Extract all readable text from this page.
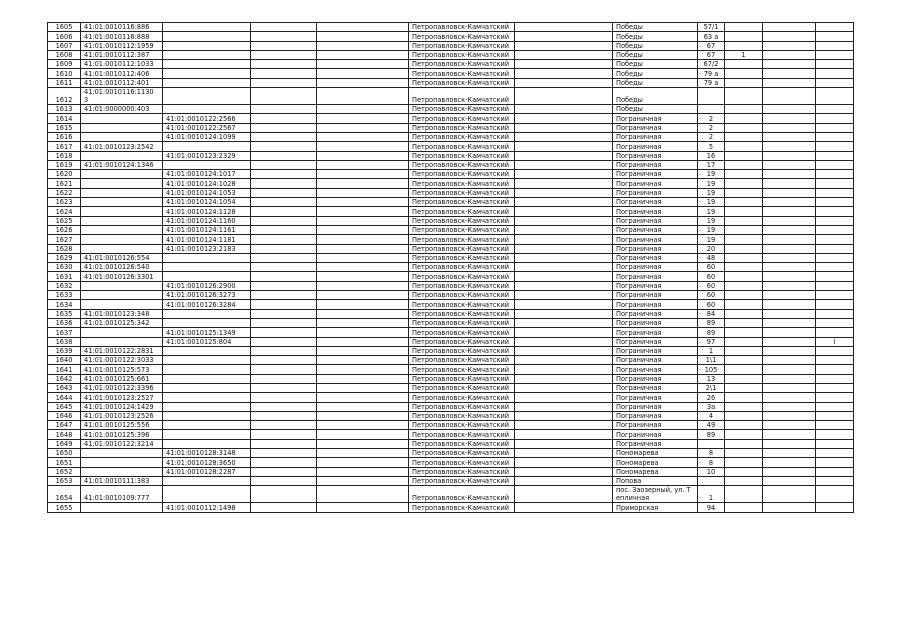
1605	41:01:0010116:886				Петропавловск-Камчатский		Победы	57/1			
1606	41:01:0010116:888				Петропавловск-Камчатский		Победы	63 а			
1607	41:01:0010112:1959				Петропавловск-Камчатский		Победы	67			
1608	41:01:0010112:387				Петропавловск-Камчатский		Победы	67	1		
1609	41:01:0010112:1033				Петропавловск-Камчатский		Победы	67/2			
1610	41:01:0010112:406				Петропавловск-Камчатский		Победы	79 а			
1611	41:01:0010112:401				Петропавловск-Камчатский		Победы	79 а			
1612	41:01:0010116:1130 3				Петропавловск-Камчатский		Победы				
1613	41:01:0000000:403				Петропавловск-Камчатский		Победы				
1614		41:01:0010122:2566			Петропавловск-Камчатский		Пограничная	2			
1615		41:01:0010122:2567			Петропавловск-Камчатский		Пограничная	2			
1616		41:01:0010124:1099			Петропавловск-Камчатский		Пограничная	2			
1617	41:01:0010123:2542				Петропавловск-Камчатский		Пограничная	5			
1618		41:01:0010123:2329			Петропавловск-Камчатский		Пограничная	16			
1619	41:01:0010124:1346				Петропавловск-Камчатский		Пограничная	17			
1620		41:01:0010124:1017			Петропавловск-Камчатский		Пограничная	19			
1621		41:01:0010124:1028			Петропавловск-Камчатский		Пограничная	19			
1622		41:01:0010124:1053			Петропавловск-Камчатский		Пограничная	19			
1623		41:01:0010124:1054			Петропавловск-Камчатский		Пограничная	19			
1624		41:01:0010124:1128			Петропавловск-Камчатский		Пограничная	19			
1625		41:01:0010124:1160			Петропавловск-Камчатский		Пограничная	19			
1626		41:01:0010124:1161			Петропавловск-Камчатский		Пограничная	19			
1627		41:01:0010124:1181			Петропавловск-Камчатский		Пограничная	19			
1628		41:01:0010123:2183			Петропавловск-Камчатский		Пограничная	20			
1629	41:01:0010126:554				Петропавловск-Камчатский		Пограничная	48			
1630	41:01:0010126:540				Петропавловск-Камчатский		Пограничная	60			
1631	41:01:0010126:3301				Петропавловск-Камчатский		Пограничная	60			
1632		41:01:0010126:2900			Петропавловск-Камчатский		Пограничная	60			
1633		41:01:0010126:3273			Петропавловск-Камчатский		Пограничная	60			
1634		41:01:0010126:3284			Петропавловск-Камчатский		Пограничная	60			
1635	41:01:0010123:348				Петропавловск-Камчатский		Пограничная	84			
1636	41:01:0010125:342				Петропавловск-Камчатский		Пограничная	89			
1637		41:01:0010125:1349			Петропавловск-Камчатский		Пограничная	89			
1638		41:01:0010125:804			Петропавловск-Камчатский		Пограничная	97			I
1639	41:01:0010122:2831				Петропавловск-Камчатский		Пограничная	1			
1640	41:01:0010122:3033				Петропавловск-Камчатский		Пограничная	1\1			
1641	41:01:0010125:573				Петропавловск-Камчатский		Пограничная	105			
1642	41:01:0010125:661				Петропавловск-Камчатский		Пограничная	13			
1643	41:01:0010122:3396				Петропавловск-Камчатский		Пограничная	2\1			
1644	41:01:0010123:2527				Петропавловск-Камчатский		Пограничная	26			
1645	41:01:0010124:1429				Петропавловск-Камчатский		Пограничная	3а			
1646	41:01:0010123:2526				Петропавловск-Камчатский		Пограничная	4			
1647	41:01:0010125:556				Петропавловск-Камчатский		Пограничная	49			
1648	41:01:0010125:396				Петропавловск-Камчатский		Пограничная	89			
1649	41:01:0010122:3214				Петропавловск-Камчатский		Пограничная				
1650		41:01:0010128:3148			Петропавловск-Камчатский		Пономарева	8			
1651		41:01:0010128:3650			Петропавловск-Камчатский		Пономарева	8			
1652		41:01:0010128:2287			Петропавловск-Камчатский		Пономарева	10			
1653	41:01:0010111:383				Петропавловск-Камчатский		Попова				
1654	41:01:0010109:777				Петропавловск-Камчатский		пос. Заозерный, ул. Тепличная	1			
1655		41:01:0010112:1498			Петропавловск-Камчатский		Приморская	94			
